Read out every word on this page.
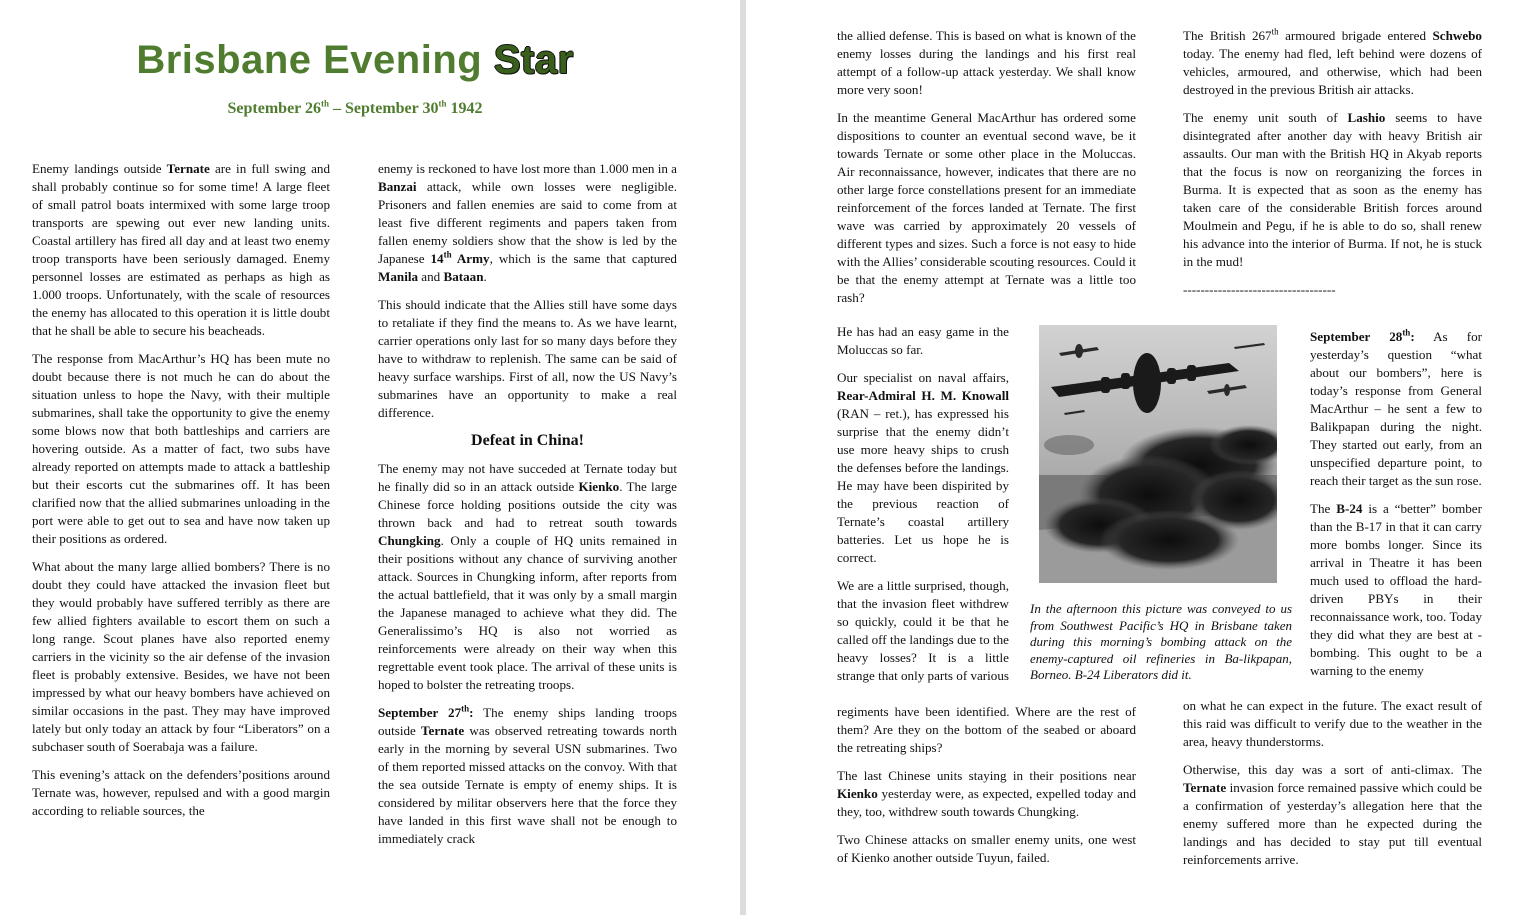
Brisbane Evening Star
September 26th – September 30th 1942

Enemy landings outside Ternate are in full swing and shall probably continue so for some time! A large fleet of small patrol boats intermixed with some large troop transports are spewing out ever new landing units. Coastal artillery has fired all day and at least two enemy troop transports have been seriously damaged. Enemy personnel losses are estimated as perhaps as high as 1.000 troops. Unfortunately, with the scale of resources the enemy has allocated to this operation it is little doubt that he shall be able to secure his beacheads.

The response from MacArthur’s HQ has been mute no doubt because there is not much he can do about the situation unless to hope the Navy, with their multiple submarines, shall take the opportunity to give the enemy some blows now that both battleships and carriers are hovering outside. As a matter of fact, two subs have already reported on attempts made to attack a battleship but their escorts cut the submarines off. It has been clarified now that the allied submarines unloading in the port were able to get out to sea and have now taken up their positions as ordered.

What about the many large allied bombers? There is no doubt they could have attacked the invasion fleet but they would probably have suffered terribly as there are few allied fighters available to escort them on such a long range. Scout planes have also reported enemy carriers in the vicinity so the air defense of the invasion fleet is probably extensive. Besides, we have not been impressed by what our heavy bombers have achieved on similar occasions in the past. They may have improved lately but only today an attack by four “Liberators” on a subchaser south of Soerabaja was a failure.

This evening’s attack on the defenders’positions around Ternate was, however, repulsed and with a good margin according to reliable sources, the

enemy is reckoned to have lost more than 1.000 men in a Banzai attack, while own losses were negligible. Prisoners and fallen enemies are said to come from at least five different regiments and papers taken from fallen enemy soldiers show that the show is led by the Japanese 14th Army, which is the same that captured Manila and Bataan.

This should indicate that the Allies still have some days to retaliate if they find the means to. As we have learnt, carrier operations only last for so many days before they have to withdraw to replenish. The same can be said of heavy surface warships. First of all, now the US Navy’s submarines have an opportunity to make a real difference.

Defeat in China!

The enemy may not have succeded at Ternate today but he finally did so in an attack outside Kienko. The large Chinese force holding positions outside the city was thrown back and had to retreat south towards Chungking. Only a couple of HQ units remained in their positions without any chance of surviving another attack. Sources in Chungking inform, after reports from the actual battlefield, that it was only by a small margin the Japanese managed to achieve what they did. The Generalissimo’s HQ is also not worried as reinforcements were already on their way when this regrettable event took place. The arrival of these units is hoped to bolster the retreating troops.

September 27th: The enemy ships landing troops outside Ternate was observed retreating towards north early in the morning by several USN submarines. Two of them reported missed attacks on the convoy. With that the sea outside Ternate is empty of enemy ships. It is considered by militar observers here that the force they have landed in this first wave shall not be enough to immediately crack

the allied defense. This is based on what is known of the enemy losses during the landings and his first real attempt of a follow-up attack yesterday. We shall know more very soon!

In the meantime General MacArthur has ordered some dispositions to counter an eventual second wave, be it towards Ternate or some other place in the Moluccas. Air reconnaissance, however, indicates that there are no other large force constellations present for an immediate reinforcement of the forces landed at Ternate. The first wave was carried by approximately 20 vessels of different types and sizes. Such a force is not easy to hide with the Allies’ considerable scouting resources. Could it be that the enemy attempt at Ternate was a little too rash?

He has had an easy game in the Moluccas so far.

Our specialist on naval affairs, Rear-Admiral H. M. Knowall (RAN – ret.), has expressed his surprise that the enemy didn’t use more heavy ships to crush the defenses before the landings. He may have been dispirited by the previous reaction of Ternate’s coastal artillery batteries. Let us hope he is correct.

We are a little surprised, though, that the invasion fleet withdrew so quickly, could it be that he called off the landings due to the heavy losses? It is a little strange that only parts of various

regiments have been identified. Where are the rest of them? Are they on the bottom of the seabed or aboard the retreating ships?

The last Chinese units staying in their positions near Kienko yesterday were, as expected, expelled today and they, too, withdrew south towards Chungking.

Two Chinese attacks on smaller enemy units, one west of Kienko another outside Tuyun, failed.

The British 267th armoured brigade entered Schwebo today. The enemy had fled, left behind were dozens of vehicles, armoured, and otherwise, which had been destroyed in the previous British air attacks.

The enemy unit south of Lashio seems to have disintegrated after another day with heavy British air assaults. Our man with the British HQ in Akyab reports that the focus is now on reorganizing the forces in Burma. It is expected that as soon as the enemy has taken care of the considerable British forces around Moulmein and Pegu, if he is able to do so, shall renew his advance into the interior of Burma. If not, he is stuck in the mud!

-----------------------------------

September 28th: As for yesterday’s question “what about our bombers”, here is today’s response from General MacArthur – he sent a few to Balikpapan during the night. They started out early, from an unspecified departure point, to reach their target as the sun rose.

The B-24 is a “better” bomber than the B-17 in that it can carry more bombs longer. Since its arrival in Theatre it has been much used to offload the hard-driven PBYs in their reconnaissance work, too. Today they did what they are best at - bombing. This ought to be a warning to the enemy

on what he can expect in the future. The exact result of this raid was difficult to verify due to the weather in the area, heavy thunderstorms.

Otherwise, this day was a sort of anti-climax. The Ternate invasion force remained passive which could be a confirmation of yesterday’s allegation here that the enemy suffered more than he expected during the landings and has decided to stay put till eventual reinforcements arrive.

In the afternoon this picture was conveyed to us from Southwest Pacific’s HQ in Brisbane taken during this morning’s bombing attack on the enemy-captured oil refineries in Ba-likpapan, Borneo. B-24 Liberators did it.
